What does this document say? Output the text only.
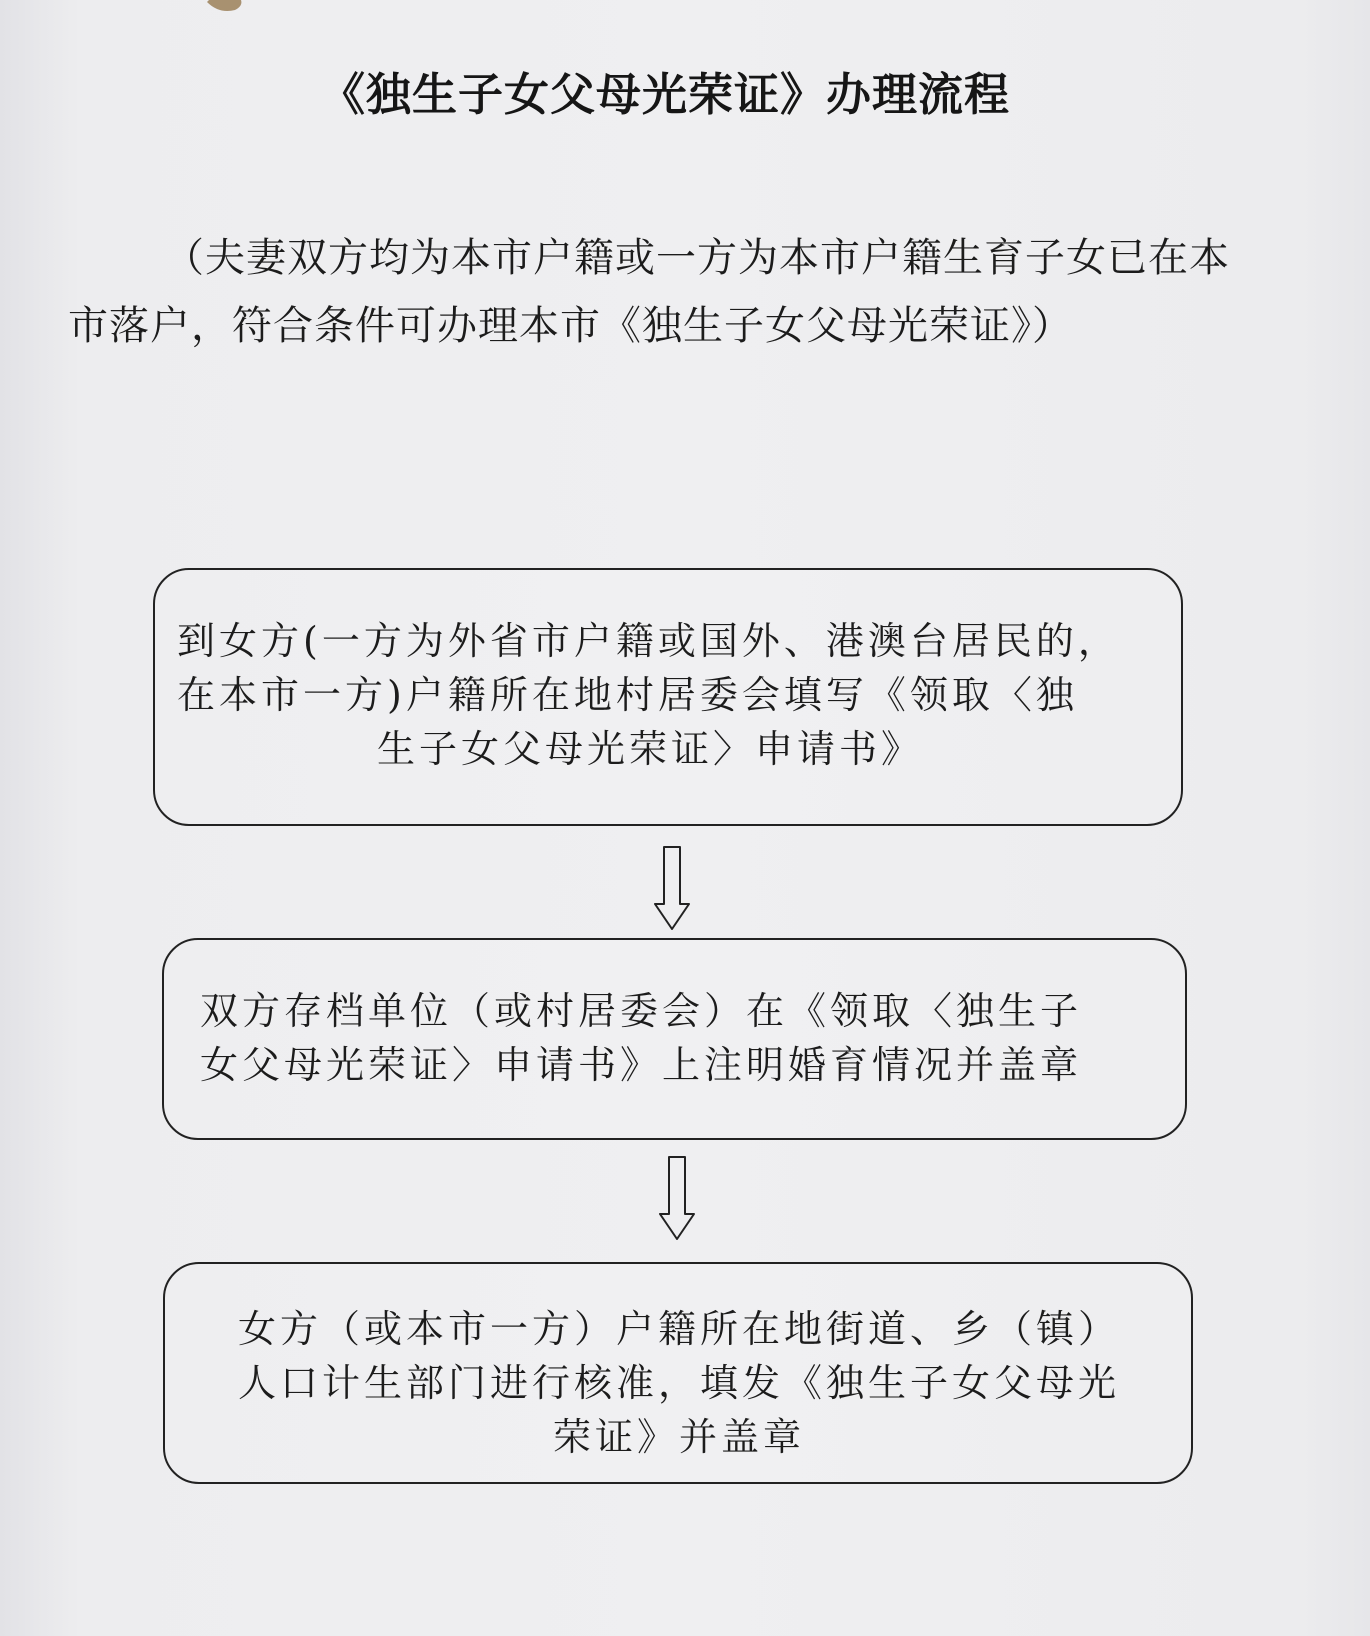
《独生子女父母光荣证》办理流程
（夫妻双方均为本市户籍或一方为本市户籍生育子女已在本市落户，符合条件可办理本市《独生子女父母光荣证》）
到女方(一方为外省市户籍或国外、港澳台居民的，
在本市一方)户籍所在地村居委会填写《领取〈独
生子女父母光荣证〉申请书》
双方存档单位（或村居委会）在《领取〈独生子
女父母光荣证〉申请书》上注明婚育情况并盖章
女方（或本市一方）户籍所在地街道、乡（镇）
人口计生部门进行核准，填发《独生子女父母光
荣证》并盖章
